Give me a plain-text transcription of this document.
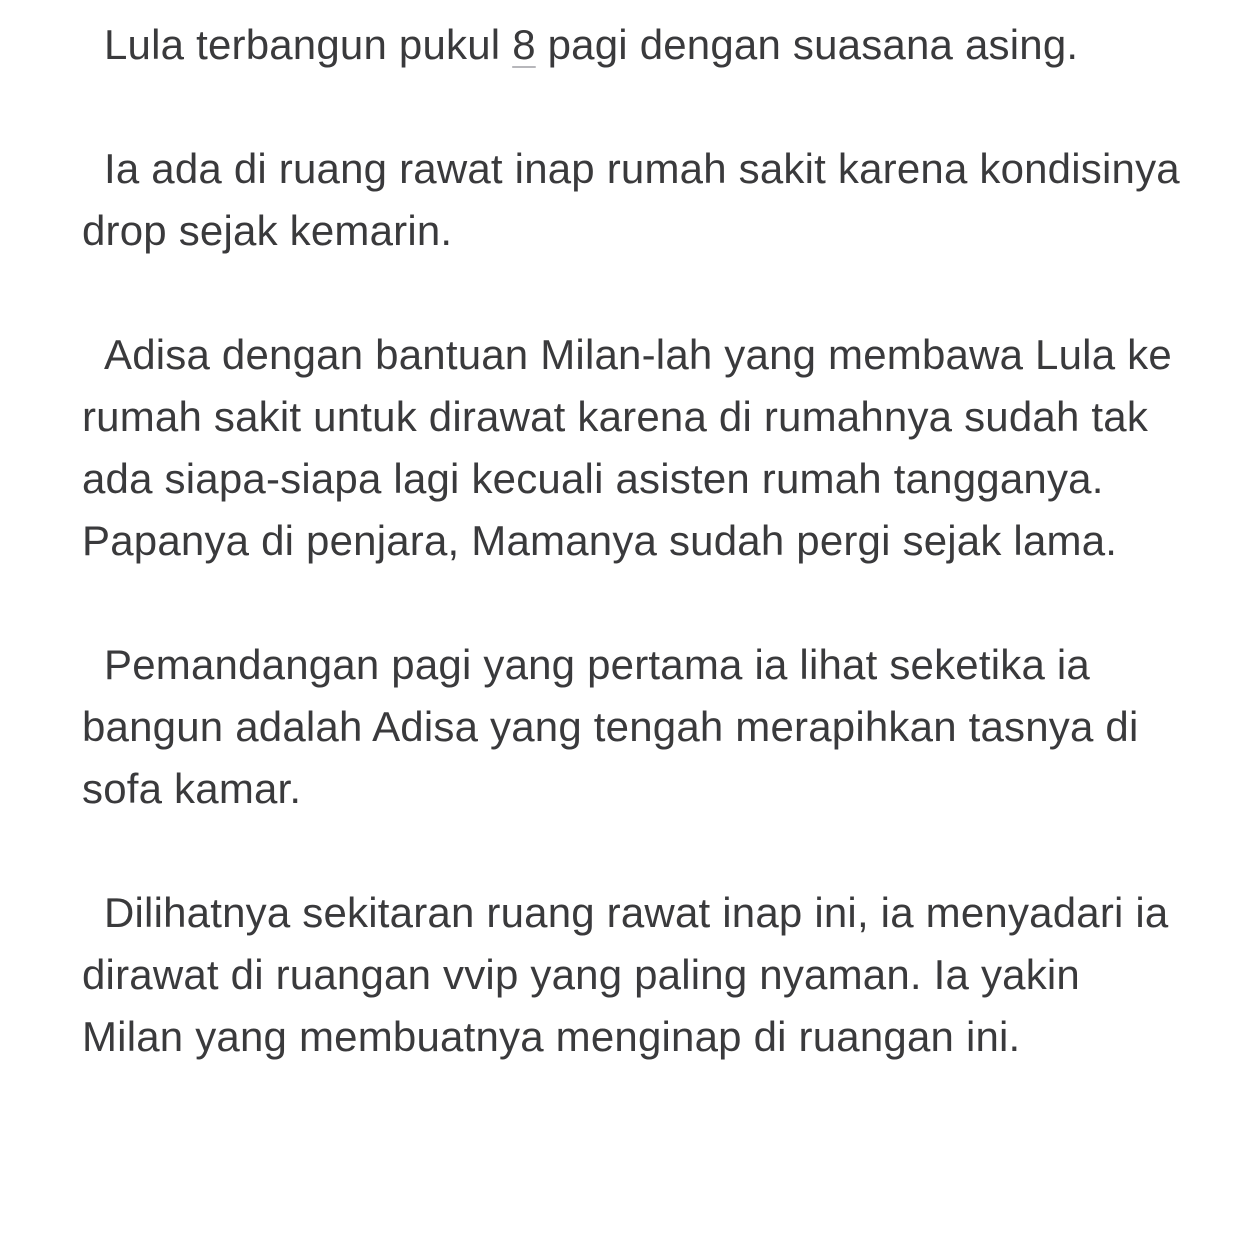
Lula terbangun pukul 8 pagi dengan suasana asing.

Ia ada di ruang rawat inap rumah sakit karena kondisinya drop sejak kemarin.

Adisa dengan bantuan Milan-lah yang membawa Lula ke rumah sakit untuk dirawat karena di rumahnya sudah tak ada siapa-siapa lagi kecuali asisten rumah tangganya. Papanya di penjara, Mamanya sudah pergi sejak lama.

Pemandangan pagi yang pertama ia lihat seketika ia bangun adalah Adisa yang tengah merapihkan tasnya di sofa kamar.

Dilihatnya sekitaran ruang rawat inap ini, ia menyadari ia dirawat di ruangan vvip yang paling nyaman. Ia yakin Milan yang membuatnya menginap di ruangan ini.
